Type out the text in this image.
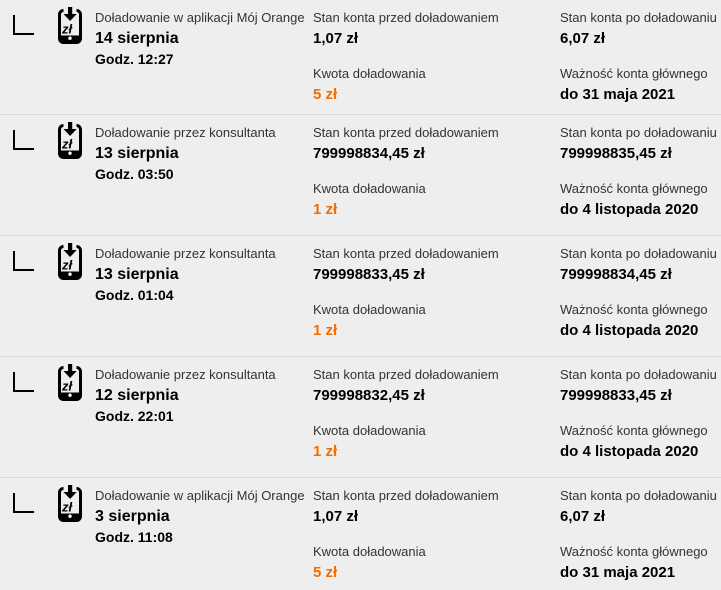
zł
Doładowanie w aplikacji Mój Orange
14 sierpnia
Godz. 12:27
Stan konta przed doładowaniem
1,07 zł
Kwota doładowania
5 zł
Stan konta po doładowaniu
6,07 zł
Ważność konta głównego
do 31 maja 2021
zł
Doładowanie przez konsultanta
13 sierpnia
Godz. 03:50
Stan konta przed doładowaniem
799998834,45 zł
Kwota doładowania
1 zł
Stan konta po doładowaniu
799998835,45 zł
Ważność konta głównego
do 4 listopada 2020
zł
Doładowanie przez konsultanta
13 sierpnia
Godz. 01:04
Stan konta przed doładowaniem
799998833,45 zł
Kwota doładowania
1 zł
Stan konta po doładowaniu
799998834,45 zł
Ważność konta głównego
do 4 listopada 2020
zł
Doładowanie przez konsultanta
12 sierpnia
Godz. 22:01
Stan konta przed doładowaniem
799998832,45 zł
Kwota doładowania
1 zł
Stan konta po doładowaniu
799998833,45 zł
Ważność konta głównego
do 4 listopada 2020
zł
Doładowanie w aplikacji Mój Orange
3 sierpnia
Godz. 11:08
Stan konta przed doładowaniem
1,07 zł
Kwota doładowania
5 zł
Stan konta po doładowaniu
6,07 zł
Ważność konta głównego
do 31 maja 2021
